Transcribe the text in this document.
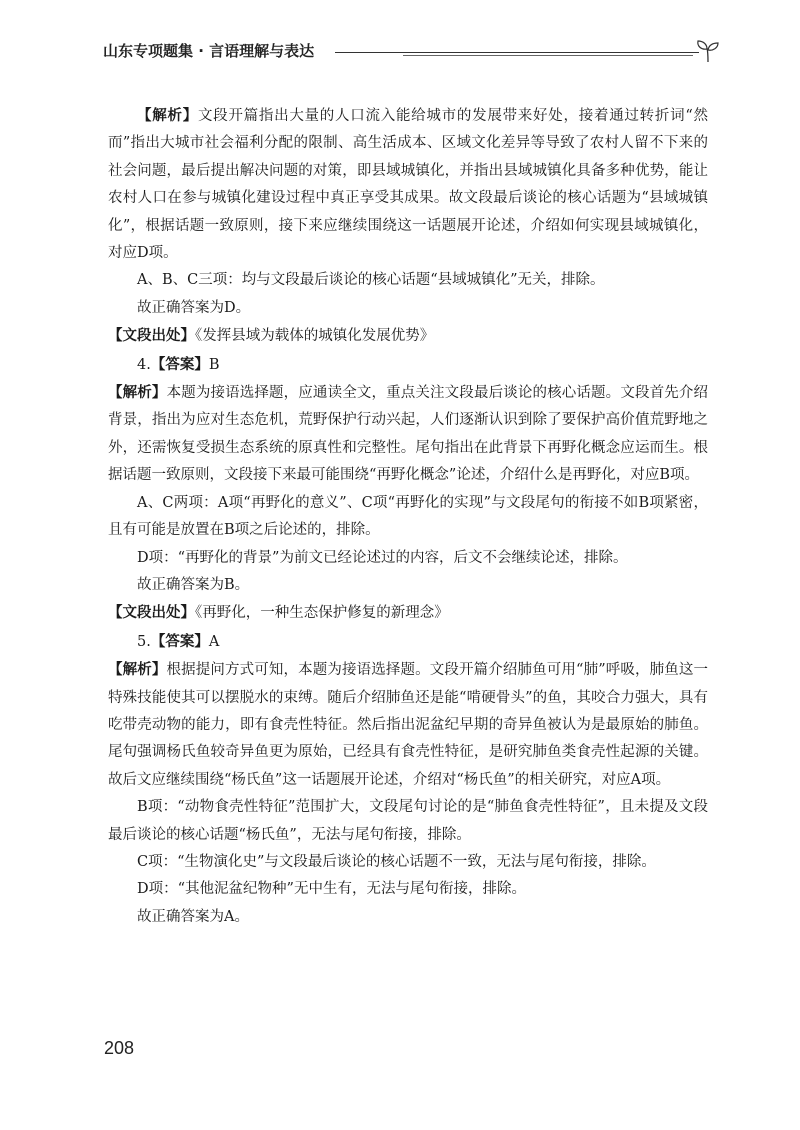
山东专项题集 · 言语理解与表达

【解析】文段开篇指出大量的人口流入能给城市的发展带来好处，接着通过转折词“然而”指出大城市社会福利分配的限制、高生活成本、区域文化差异等导致了农村人留不下来的社会问题，最后提出解决问题的对策，即县域城镇化，并指出县域城镇化具备多种优势，能让农村人口在参与城镇化建设过程中真正享受其成果。故文段最后谈论的核心话题为“县域城镇化”，根据话题一致原则，接下来应继续围绕这一话题展开论述，介绍如何实现县域城镇化，对应D项。

A、B、C三项：均与文段最后谈论的核心话题“县域城镇化”无关，排除。

故正确答案为D。

【文段出处】《发挥县域为载体的城镇化发展优势》

4.【答案】B

【解析】本题为接语选择题，应通读全文，重点关注文段最后谈论的核心话题。文段首先介绍背景，指出为应对生态危机，荒野保护行动兴起，人们逐渐认识到除了要保护高价值荒野地之外，还需恢复受损生态系统的原真性和完整性。尾句指出在此背景下再野化概念应运而生。根据话题一致原则，文段接下来最可能围绕“再野化概念”论述，介绍什么是再野化，对应B项。

A、C两项：A项“再野化的意义”、C项“再野化的实现”与文段尾句的衔接不如B项紧密，且有可能是放置在B项之后论述的，排除。

D项：“再野化的背景”为前文已经论述过的内容，后文不会继续论述，排除。

故正确答案为B。

【文段出处】《再野化，一种生态保护修复的新理念》

5.【答案】A

【解析】根据提问方式可知，本题为接语选择题。文段开篇介绍肺鱼可用“肺”呼吸，肺鱼这一特殊技能使其可以摆脱水的束缚。随后介绍肺鱼还是能“啃硬骨头”的鱼，其咬合力强大，具有吃带壳动物的能力，即有食壳性特征。然后指出泥盆纪早期的奇异鱼被认为是最原始的肺鱼。尾句强调杨氏鱼较奇异鱼更为原始，已经具有食壳性特征，是研究肺鱼类食壳性起源的关键。故后文应继续围绕“杨氏鱼”这一话题展开论述，介绍对“杨氏鱼”的相关研究，对应A项。

B项：“动物食壳性特征”范围扩大，文段尾句讨论的是“肺鱼食壳性特征”，且未提及文段最后谈论的核心话题“杨氏鱼”，无法与尾句衔接，排除。

C项：“生物演化史”与文段最后谈论的核心话题不一致，无法与尾句衔接，排除。

D项：“其他泥盆纪物种”无中生有，无法与尾句衔接，排除。

故正确答案为A。

208
